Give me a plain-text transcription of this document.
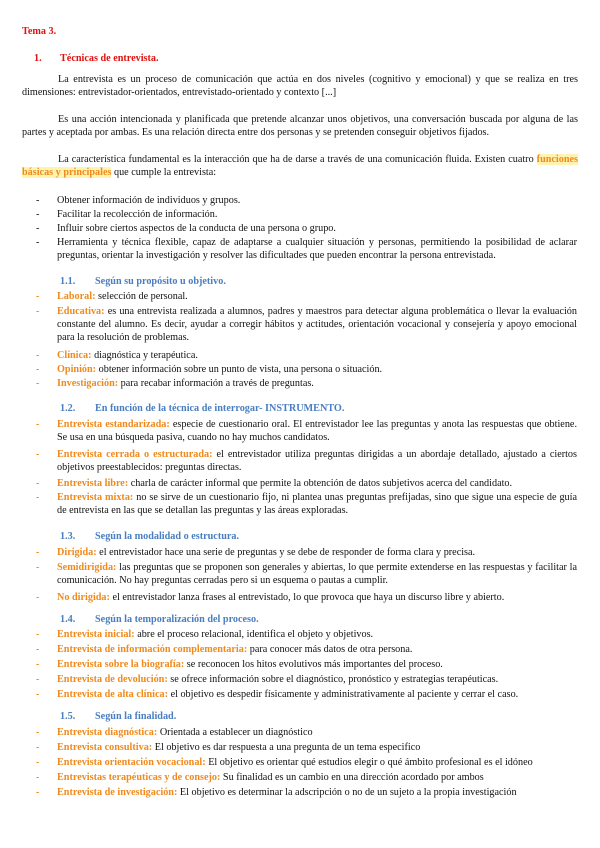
Tema 3.
1. Técnicas de entrevista.
La entrevista es un proceso de comunicación que actúa en dos niveles (cognitivo y emocional) y que se realiza en tres dimensiones: entrevistador-orientados, entrevistado-orientado y contexto [...]
Es una acción intencionada y planificada que pretende alcanzar unos objetivos, una conversación buscada por alguna de las partes y aceptada por ambas. Es una relación directa entre dos personas y se pretenden conseguir objetivos fijados.
La característica fundamental es la interacción que ha de darse a través de una comunicación fluida. Existen cuatro funciones básicas y principales que cumple la entrevista:
- Obtener información de individuos y grupos.
- Facilitar la recolección de información.
- Influir sobre ciertos aspectos de la conducta de una persona o grupo.
- Herramienta y técnica flexible, capaz de adaptarse a cualquier situación y personas, permitiendo la posibilidad de aclarar preguntas, orientar la investigación y resolver las dificultades que pueden encontrar la persona entrevistada.
1.1. Según su propósito u objetivo.
- Laboral: selección de personal.
- Educativa: es una entrevista realizada a alumnos, padres y maestros para detectar alguna problemática o llevar la evaluación constante del alumno. Es decir, ayudar a corregir hábitos y actitudes, orientación vocacional y consejería y apoyo emocional para la resolución de problemas.
- Clínica: diagnóstica y terapéutica.
- Opinión: obtener información sobre un punto de vista, una persona o situación.
- Investigación: para recabar información a través de preguntas.
1.2. En función de la técnica de interrogar- INSTRUMENTO.
- Entrevista estandarizada: especie de cuestionario oral. El entrevistador lee las preguntas y anota las respuestas que obtiene. Se usa en una búsqueda pasiva, cuando no hay muchos candidatos.
- Entrevista cerrada o estructurada: el entrevistador utiliza preguntas dirigidas a un abordaje detallado, ajustado a ciertos objetivos preestablecidos: preguntas directas.
- Entrevista libre: charla de carácter informal que permite la obtención de datos subjetivos acerca del candidato.
- Entrevista mixta: no se sirve de un cuestionario fijo, ni plantea unas preguntas prefijadas, sino que sigue una especie de guía de entrevista en las que se detallan las preguntas y las áreas exploradas.
1.3. Según la modalidad o estructura.
- Dirigida: el entrevistador hace una serie de preguntas y se debe de responder de forma clara y precisa.
- Semidirigida: las preguntas que se proponen son generales y abiertas, lo que permite extenderse en las respuestas y facilitar la comunicación. No hay preguntas cerradas pero si un esquema o pautas a cumplir.
- No dirigida: el entrevistador lanza frases al entrevistado, lo que provoca que haya un discurso libre y abierto.
1.4. Según la temporalización del proceso.
- Entrevista inicial: abre el proceso relacional, identifica el objeto y objetivos.
- Entrevista de información complementaria: para conocer más datos de otra persona.
- Entrevista sobre la biografía: se reconocen los hitos evolutivos más importantes del proceso.
- Entrevista de devolución: se ofrece información sobre el diagnóstico, pronóstico y estrategias terapéuticas.
- Entrevista de alta clínica: el objetivo es despedir físicamente y administrativamente al paciente y cerrar el caso.
1.5. Según la finalidad.
- Entrevista diagnóstica: Orientada a establecer un diagnóstico
- Entrevista consultiva: El objetivo es dar respuesta a una pregunta de un tema especifico
- Entrevista orientación vocacional: El objetivo es orientar qué estudios elegir o qué ámbito profesional es el idóneo
- Entrevistas terapéuticas y de consejo: Su finalidad es un cambio en una dirección acordado por ambos
- Entrevista de investigación: El objetivo es determinar la adscripción o no de un sujeto a la propia investigación
